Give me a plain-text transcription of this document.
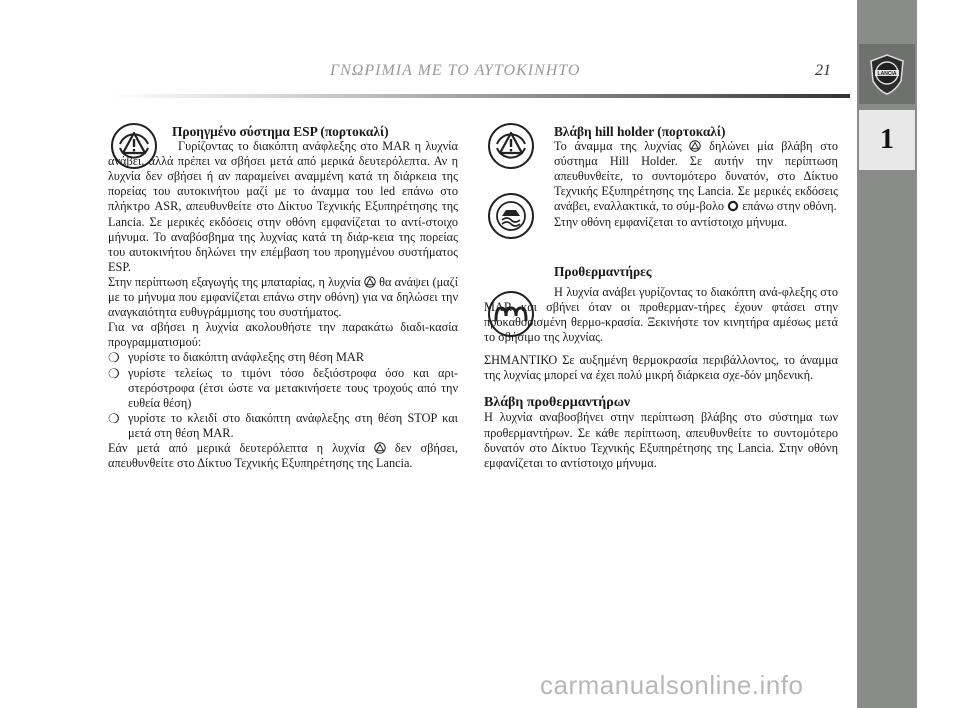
ΓΝΩΡΙΜΙΑ ΜΕ ΤΟ ΑΥΤΟΚΙΝΗΤΟ	21	LANCIA
1

Προηγμένο σύστημα ESP (πορτοκαλί)

Γυρίζοντας το διακόπτη ανάφλεξης στο MAR η λυχνία ανάβει, αλλά πρέπει να σβήσει μετά από μερικά δευτερόλεπτα. Αν η λυχνία δεν σβήσει ή αν παραμείνει αναμμένη κατά τη διάρκεια της πορείας του αυτοκινήτου μαζί με το άναμμα του led επάνω στο πλήκτρο ASR, απευθυνθείτε στο Δίκτυο Τεχνικής Εξυπηρέτησης της Lancia. Σε μερικές εκδόσεις στην οθόνη εμφανίζεται το αντί-στοιχο μήνυμα. Το αναβόσβημα της λυχνίας κατά τη διάρ-κεια της πορείας του αυτοκινήτου δηλώνει την επέμβαση του προηγμένου συστήματος ESP.

Στην περίπτωση εξαγωγής της μπαταρίας, η λυχνία θα ανάψει (μαζί με το μήνυμα που εμφανίζεται επάνω στην οθόνη) για να δηλώσει την αναγκαιότητα ευθυγράμμισης του συστήματος.

Για να σβήσει η λυχνία ακολουθήστε την παρακάτω διαδι-κασία προγραμματισμού:

❍ γυρίστε το διακόπτη ανάφλεξης στη θέση MAR
❍ γυρίστε τελείως το τιμόνι τόσο δεξιόστροφα όσο και αρι-στερόστροφα (έτσι ώστε να μετακινήσετε τους τροχούς από την ευθεία θέση)
❍ γυρίστε το κλειδί στο διακόπτη ανάφλεξης στη θέση STOP και μετά στη θέση MAR.

Εάν μετά από μερικά δευτερόλεπτα η λυχνία δεν σβήσει, απευθυνθείτε στο Δίκτυο Τεχνικής Εξυπηρέτησης της Lancia.

Βλάβη hill holder (πορτοκαλί)

Το άναμμα της λυχνίας δηλώνει μία βλάβη στο σύστημα Hill Holder. Σε αυτήν την περίπτωση απευθυνθείτε, το συντομότερο δυνατόν, στο Δίκτυο Τεχνικής Εξυπηρέτησης της Lancia. Σε μερικές εκδόσεις ανάβει, εναλλακτικά, το σύμ-βολο επάνω στην οθόνη.

Στην οθόνη εμφανίζεται το αντίστοιχο μήνυμα.

Προθερμαντήρες

Η λυχνία ανάβει γυρίζοντας το διακόπτη ανά-φλεξης στο MAR και σβήνει όταν οι προθερμαν-τήρες έχουν φτάσει στην προκαθορισμένη θερμο-κρασία. Ξεκινήστε τον κινητήρα αμέσως μετά το σβήσιμο της λυχνίας.

ΣΗΜΑΝΤΙΚΟ Σε αυξημένη θερμοκρασία περιβάλλοντος, το άναμμα της λυχνίας μπορεί να έχει πολύ μικρή διάρκεια σχε-δόν μηδενική.

Βλάβη προθερμαντήρων

Η λυχνία αναβοσβήνει στην περίπτωση βλάβης στο σύστημα των προθερμαντήρων. Σε κάθε περίπτωση, απευθυνθείτε το συντομότερο δυνατόν στο Δίκτυο Τεχνικής Εξυπηρέτησης της Lancia. Στην οθόνη εμφανίζεται το αντίστοιχο μήνυμα.

carmanualsonline.info
